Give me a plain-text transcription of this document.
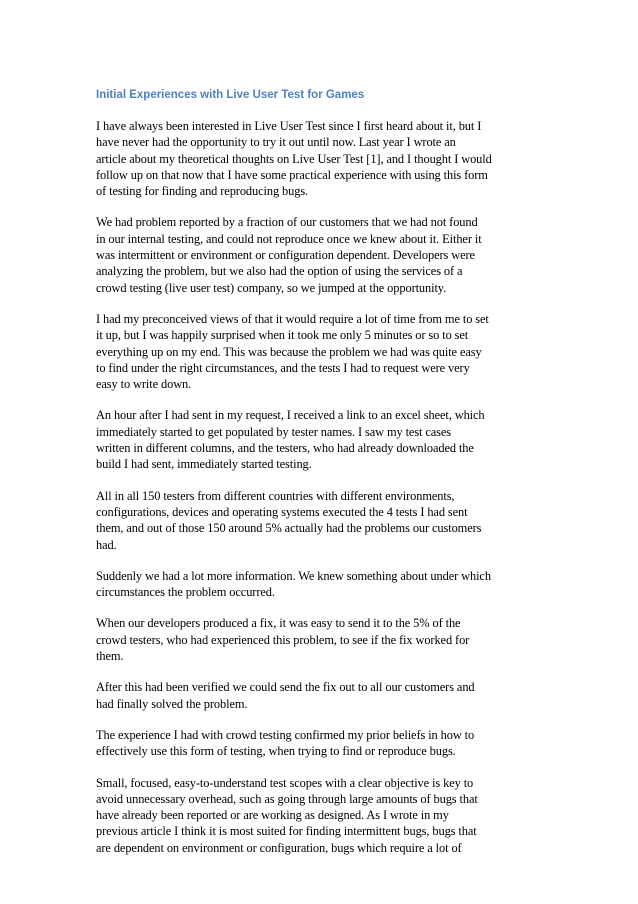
Initial Experiences with Live User Test for Games
I have always been interested in Live User Test since I first heard about it, but I
have never had the opportunity to try it out until now. Last year I wrote an
article about my theoretical thoughts on Live User Test [1], and I thought I would
follow up on that now that I have some practical experience with using this form
of testing for finding and reproducing bugs.
We had problem reported by a fraction of our customers that we had not found
in our internal testing, and could not reproduce once we knew about it. Either it
was intermittent or environment or configuration dependent. Developers were
analyzing the problem, but we also had the option of using the services of a
crowd testing (live user test) company, so we jumped at the opportunity.
I had my preconceived views of that it would require a lot of time from me to set
it up, but I was happily surprised when it took me only 5 minutes or so to set
everything up on my end. This was because the problem we had was quite easy
to find under the right circumstances, and the tests I had to request were very
easy to write down.
An hour after I had sent in my request, I received a link to an excel sheet, which
immediately started to get populated by tester names. I saw my test cases
written in different columns, and the testers, who had already downloaded the
build I had sent, immediately started testing.
All in all 150 testers from different countries with different environments,
configurations, devices and operating systems executed the 4 tests I had sent
them, and out of those 150 around 5% actually had the problems our customers
had.
Suddenly we had a lot more information. We knew something about under which
circumstances the problem occurred.
When our developers produced a fix, it was easy to send it to the 5% of the
crowd testers, who had experienced this problem, to see if the fix worked for
them.
After this had been verified we could send the fix out to all our customers and
had finally solved the problem.
The experience I had with crowd testing confirmed my prior beliefs in how to
effectively use this form of testing, when trying to find or reproduce bugs.
Small, focused, easy-to-understand test scopes with a clear objective is key to
avoid unnecessary overhead, such as going through large amounts of bugs that
have already been reported or are working as designed. As I wrote in my
previous article I think it is most suited for finding intermittent bugs, bugs that
are dependent on environment or configuration, bugs which require a lot of
